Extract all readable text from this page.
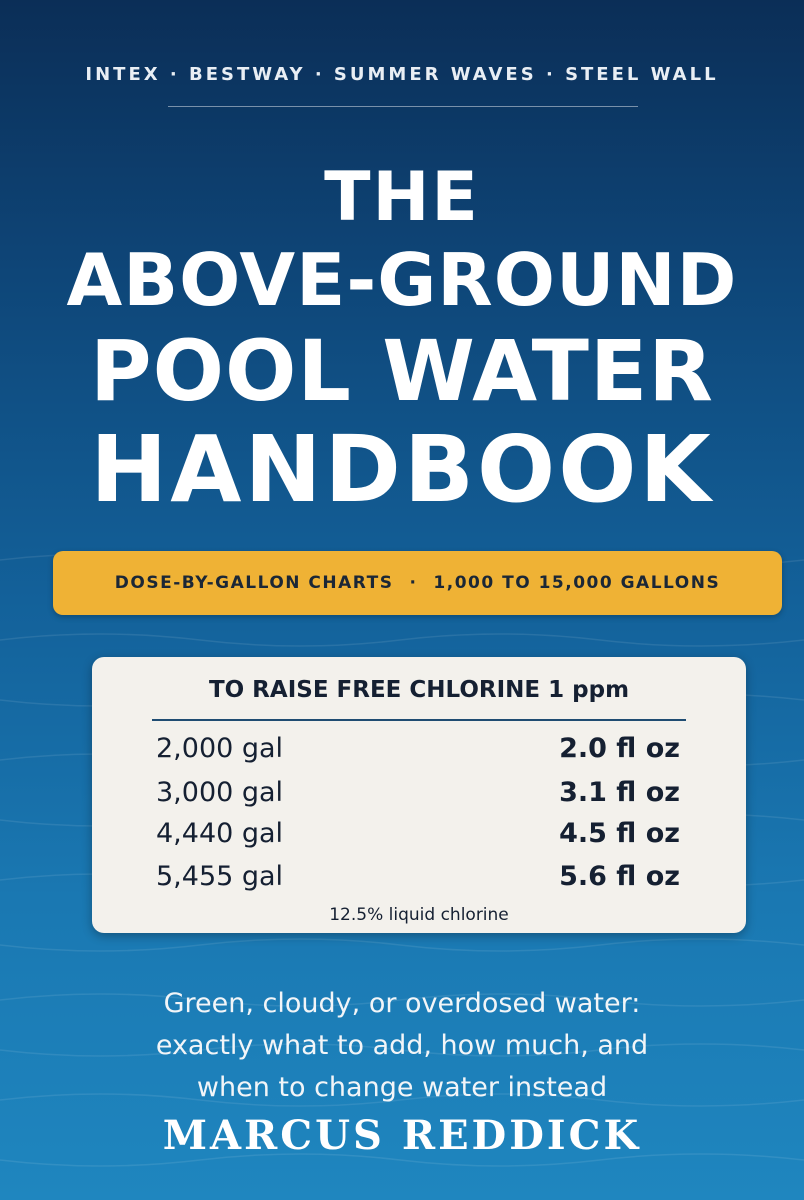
INTEX · BESTWAY · SUMMER WAVES · STEEL WALL
THE
ABOVE-GROUND
POOL WATER
HANDBOOK
DOSE-BY-GALLON CHARTS · 1,000 TO 15,000 GALLONS
TO RAISE FREE CHLORINE 1 ppm
2,000 gal	2.0 fl oz
3,000 gal	3.1 fl oz
4,440 gal	4.5 fl oz
5,455 gal	5.6 fl oz
12.5% liquid chlorine
Green, cloudy, or overdosed water:
exactly what to add, how much, and
when to change water instead
MARCUS REDDICK
